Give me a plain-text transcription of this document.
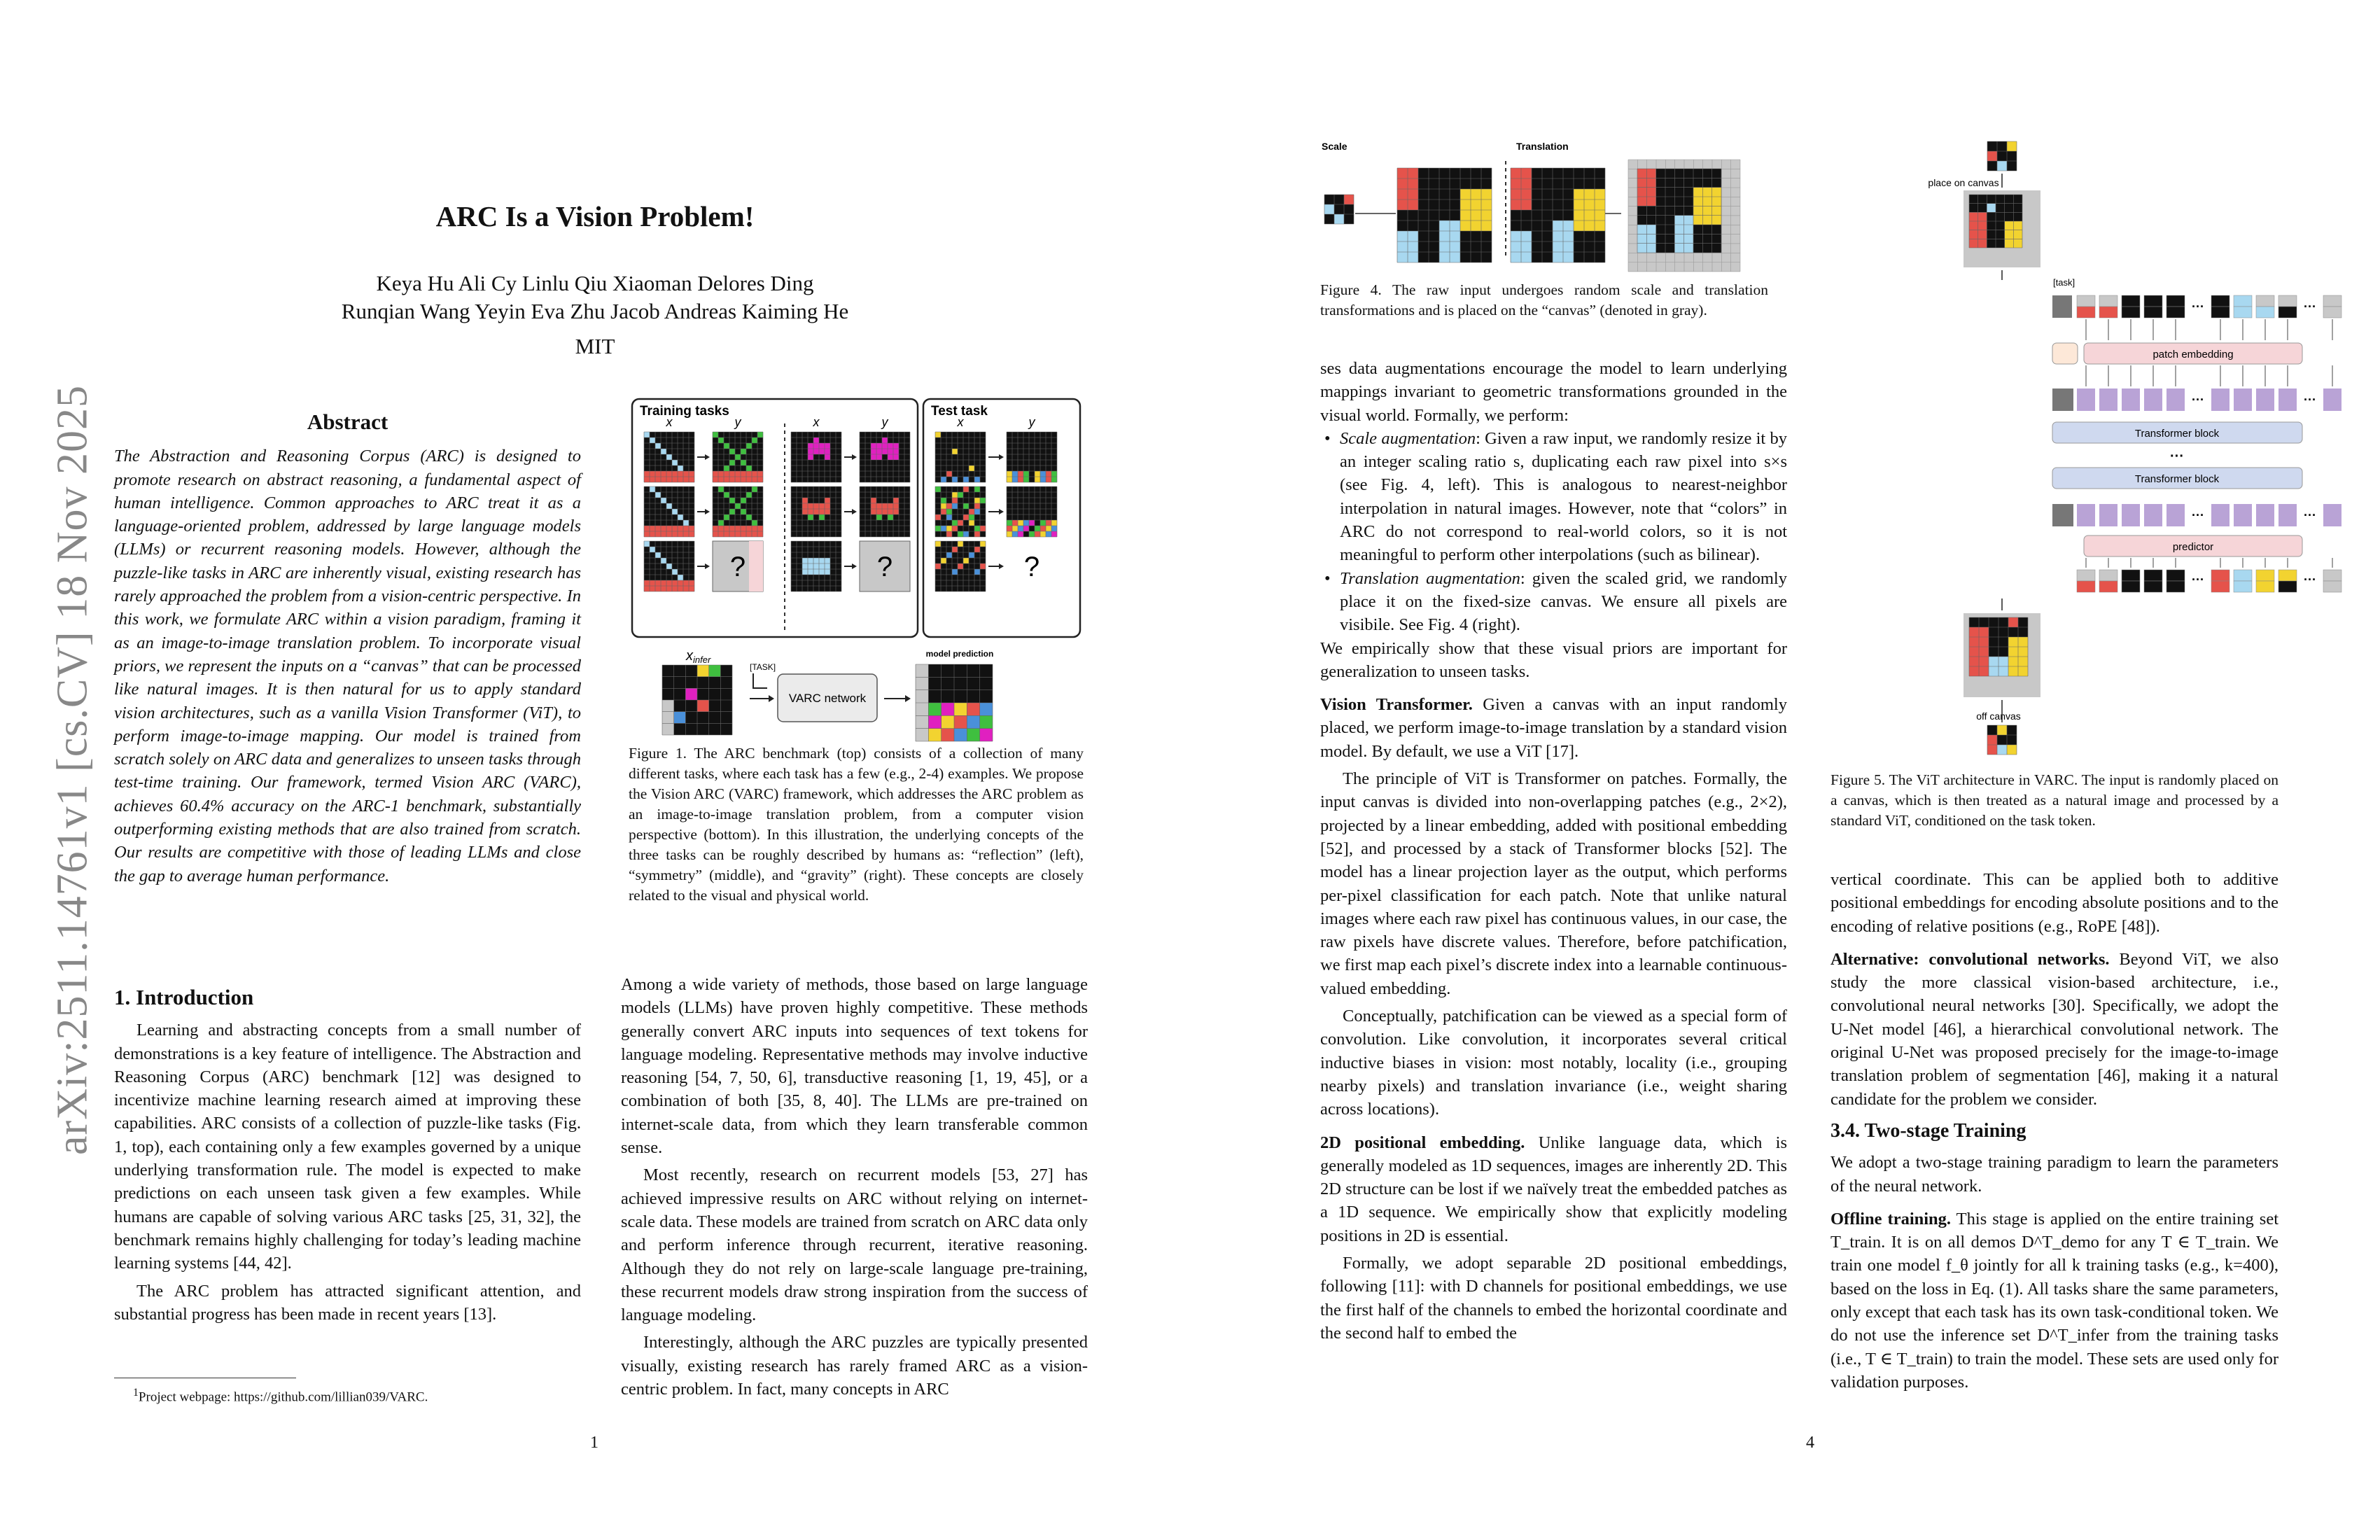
arXiv:2511.14761v1 [cs.CV] 18 Nov 2025
ARC Is a Vision Problem!
Keya Hu Ali Cy Linlu Qiu Xiaoman Delores Ding
Runqian Wang Yeyin Eva Zhu Jacob Andreas Kaiming He
MIT
Abstract

The Abstraction and Reasoning Corpus (ARC) is designed to promote research on abstract reasoning, a fundamental aspect of human intelligence. Common approaches to ARC treat it as a language-oriented problem, addressed by large language models (LLMs) or recurrent reasoning models. However, although the puzzle-like tasks in ARC are inherently visual, existing research has rarely approached the problem from a vision-centric perspective. In this work, we formulate ARC within a vision paradigm, framing it as an image-to-image translation problem. To incorporate visual priors, we represent the inputs on a “canvas” that can be processed like natural images. It is then natural for us to apply standard vision architectures, such as a vanilla Vision Transformer (ViT), to perform image-to-image mapping. Our model is trained from scratch solely on ARC data and generalizes to unseen tasks through test-time training. Our framework, termed Vision ARC (VARC), achieves 60.4% accuracy on the ARC-1 benchmark, substantially outperforming existing methods that are also trained from scratch. Our results are competitive with those of leading LLMs and close the gap to average human performance.

1. Introduction

Learning and abstracting concepts from a small number of demonstrations is a key feature of intelligence. The Abstraction and Reasoning Corpus (ARC) benchmark [12] was designed to incentivize machine learning research aimed at improving these capabilities. ARC consists of a collection of puzzle-like tasks (Fig. 1, top), each containing only a few examples governed by a unique underlying transformation rule. The model is expected to make predictions on each unseen task given a few examples. While humans are capable of solving various ARC tasks [25, 31, 32], the benchmark remains highly challenging for today’s leading machine learning systems [44, 42].

The ARC problem has attracted significant attention, and substantial progress has been made in recent years [13].

$^1$Project webpage: https://github.com/lillian039/VARC.
Training tasks	Test task
x	y	x	y	x	y
?	?	?
$x_{infer}$
[TASK]
VARC network
model prediction
Figure 1. The ARC benchmark (top) consists of a collection of many different tasks, where each task has a few (e.g., 2-4) examples. We propose the Vision ARC (VARC) framework, which addresses the ARC problem as an image-to-image translation problem, from a computer vision perspective (bottom). In this illustration, the underlying concepts of the three tasks can be roughly described by humans as: “reflection” (left), “symmetry” (middle), and “gravity” (right). These concepts are closely related to the visual and physical world.

Among a wide variety of methods, those based on large language models (LLMs) have proven highly competitive. These methods generally convert ARC inputs into sequences of text tokens for language modeling. Representative methods may involve inductive reasoning [54, 7, 50, 6], transductive reasoning [1, 19, 45], or a combination of both [35, 8, 40]. The LLMs are pre-trained on internet-scale data, from which they learn transferable common sense.

Most recently, research on recurrent models [53, 27] has achieved impressive results on ARC without relying on internet-scale data. These models are trained from scratch on ARC data only and perform inference through recurrent, iterative reasoning. Although they do not rely on large-scale language pre-training, these recurrent models draw strong inspiration from the success of language modeling.

Interestingly, although the ARC puzzles are typically presented visually, existing research has rarely framed ARC as a vision-centric problem. In fact, many concepts in ARC

1
Scale	Translation
Figure 4. The raw input undergoes random scale and translation transformations and is placed on the “canvas” (denoted in gray).

ses data augmentations encourage the model to learn underlying mappings invariant to geometric transformations grounded in the visual world. Formally, we perform:

• Scale augmentation: Given a raw input, we randomly resize it by an integer scaling ratio s, duplicating each raw pixel into s×s (see Fig. 4, left). This is analogous to nearest-neighbor interpolation in natural images. However, note that “colors” in ARC do not correspond to real-world colors, so it is not meaningful to perform other interpolations (such as bilinear).
• Translation augmentation: given the scaled grid, we randomly place it on the fixed-size canvas. We ensure all pixels are visibile. See Fig. 4 (right).

We empirically show that these visual priors are important for generalization to unseen tasks.

Vision Transformer. Given a canvas with an input randomly placed, we perform image-to-image translation by a standard vision model. By default, we use a ViT [17].

The principle of ViT is Transformer on patches. Formally, the input canvas is divided into non-overlapping patches (e.g., 2×2), projected by a linear embedding, added with positional embedding [52], and processed by a stack of Transformer blocks [52]. The model has a linear projection layer as the output, which performs per-pixel classification for each patch. Note that unlike natural images where each raw pixel has continuous values, in our case, the raw pixels have discrete values. Therefore, before patchification, we first map each pixel’s discrete index into a learnable continuous-valued embedding.

Conceptually, patchification can be viewed as a special form of convolution. Like convolution, it incorporates several critical inductive biases in vision: most notably, locality (i.e., grouping nearby pixels) and translation invariance (i.e., weight sharing across locations).

2D positional embedding. Unlike language data, which is generally modeled as 1D sequences, images are inherently 2D. This 2D structure can be lost if we naïvely treat the embedded patches as a 1D sequence. We empirically show that explicitly modeling positions in 2D is essential.

Formally, we adopt separable 2D positional embeddings, following [11]: with D channels for positional embeddings, we use the first half of the channels to embed the horizontal coordinate and the second half to embed the

place on canvas
off canvas
[task]
···	···
patch embedding
···	···
Transformer block
···
Transformer block
···	···
predictor
···	···
Figure 5. The ViT architecture in VARC. The input is randomly placed on a canvas, which is then treated as a natural image and processed by a standard ViT, conditioned on the task token.

vertical coordinate. This can be applied both to additive positional embeddings for encoding absolute positions and to the encoding of relative positions (e.g., RoPE [48]).

Alternative: convolutional networks. Beyond ViT, we also study the more classical vision-based architecture, i.e., convolutional neural networks [30]. Specifically, we adopt the U-Net model [46], a hierarchical convolutional network. The original U-Net was proposed precisely for the image-to-image translation problem of segmentation [46], making it a natural candidate for the problem we consider.

3.4. Two-stage Training

We adopt a two-stage training paradigm to learn the parameters of the neural network.

Offline training. This stage is applied on the entire training set T_train. It is on all demos D^T_demo for any T ∈ T_train. We train one model f_θ jointly for all k training tasks (e.g., k=400), based on the loss in Eq. (1). All tasks share the same parameters, only except that each task has its own task-conditional token. We do not use the inference set D^T_infer from the training tasks (i.e., T ∈ T_train) to train the model. These sets are used only for validation purposes.

4
